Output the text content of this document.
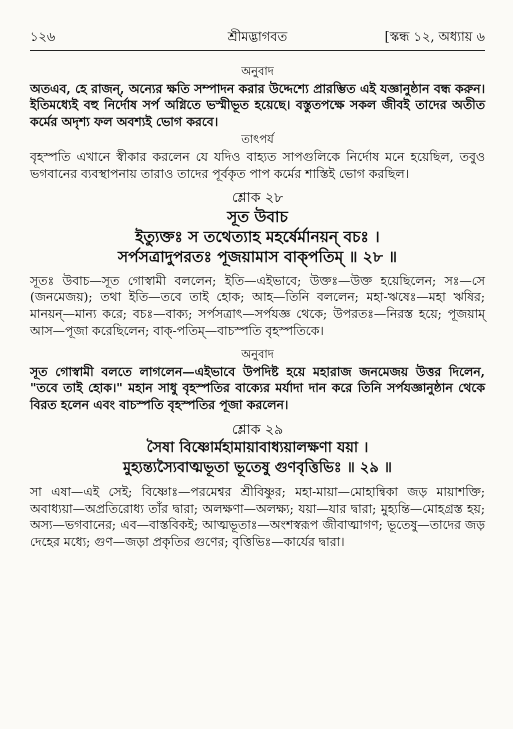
১২৬	শ্রীমদ্ভাগবত	[স্কন্ধ ১২, অধ্যায় ৬
অনুবাদ

অতএব, হে রাজন্, অন্যের ক্ষতি সম্পাদন করার উদ্দেশ্যে প্রারম্ভিত এই যজ্ঞানুষ্ঠান বন্ধ করুন। ইতিমধ্যেই বহু নির্দোষ সর্প অগ্নিতে ভস্মীভূত হয়েছে। বস্তুতপক্ষে সকল জীবই তাদের অতীত কর্মের অদৃশ্য ফল অবশ্যই ভোগ করবে।

তাৎপর্য

বৃহস্পতি এখানে স্বীকার করলেন যে যদিও বাহ্যত সাপগুলিকে নির্দোষ মনে হয়েছিল, তবুও ভগবানের ব্যবস্থাপনায় তারাও তাদের পূর্বকৃত পাপ কর্মের শাস্তিই ভোগ করছিল।

শ্লোক ২৮
সূত উবাচ
ইত্যুক্তঃ স তথেত্যাহ মহর্ষের্মানয়ন্ বচঃ ।
সর্পসত্রাদুপরতঃ পূজয়ামাস বাক্পতিম্ ॥ ২৮ ॥

সূতঃ উবাচ—সূত গোস্বামী বললেন; ইতি—এইভাবে; উক্তঃ—উক্ত হয়েছিলেন; সঃ—সে (জনমেজয়); তথা ইতি—তবে তাই হোক; আহ—তিনি বললেন; মহা-ঋষেঃ—মহা ঋষির; মানয়ন্—মান্য করে; বচঃ—বাক্য; সর্পসত্রাৎ—সর্পযজ্ঞ থেকে; উপরতঃ—নিরস্ত হয়ে; পূজয়াম্ আস—পূজা করেছিলেন; বাক্-পতিম্—বাচস্পতি বৃহস্পতিকে।

অনুবাদ

সূত গোস্বামী বলতে লাগলেন—এইভাবে উপদিষ্ট হয়ে মহারাজ জনমেজয় উত্তর দিলেন, "তবে তাই হোক।" মহান সাধু বৃহস্পতির বাক্যের মর্যাদা দান করে তিনি সর্পযজ্ঞানুষ্ঠান থেকে বিরত হলেন এবং বাচস্পতি বৃহস্পতির পূজা করলেন।

শ্লোক ২৯
সৈষা বিষ্ণোর্মহামায়াবাধ্যয়ালক্ষণা যয়া ।
মুহ্যন্ত্যস্যৈবাত্মভূতা ভূতেষু গুণবৃত্তিভিঃ ॥ ২৯ ॥

সা এষা—এই সেই; বিষ্ণোঃ—পরমেশ্বর শ্রীবিষ্ণুর; মহা-মায়া—মোহান্বিকা জড় মায়াশক্তি; অবাধ্যয়া—অপ্রতিরোধ্য তাঁর দ্বারা; অলক্ষণা—অলক্ষ্য; যয়া—যার দ্বারা; মুহ্যন্তি—মোহগ্রস্ত হয়; অস্য—ভগবানের; এব—বাস্তবিকই; আত্মভূতাঃ—অংশস্বরূপ জীবাত্মাগণ; ভূতেষু—তাদের জড় দেহের মধ্যে; গুণ—জড়া প্রকৃতির গুণের; বৃত্তিভিঃ—কার্যের দ্বারা।
